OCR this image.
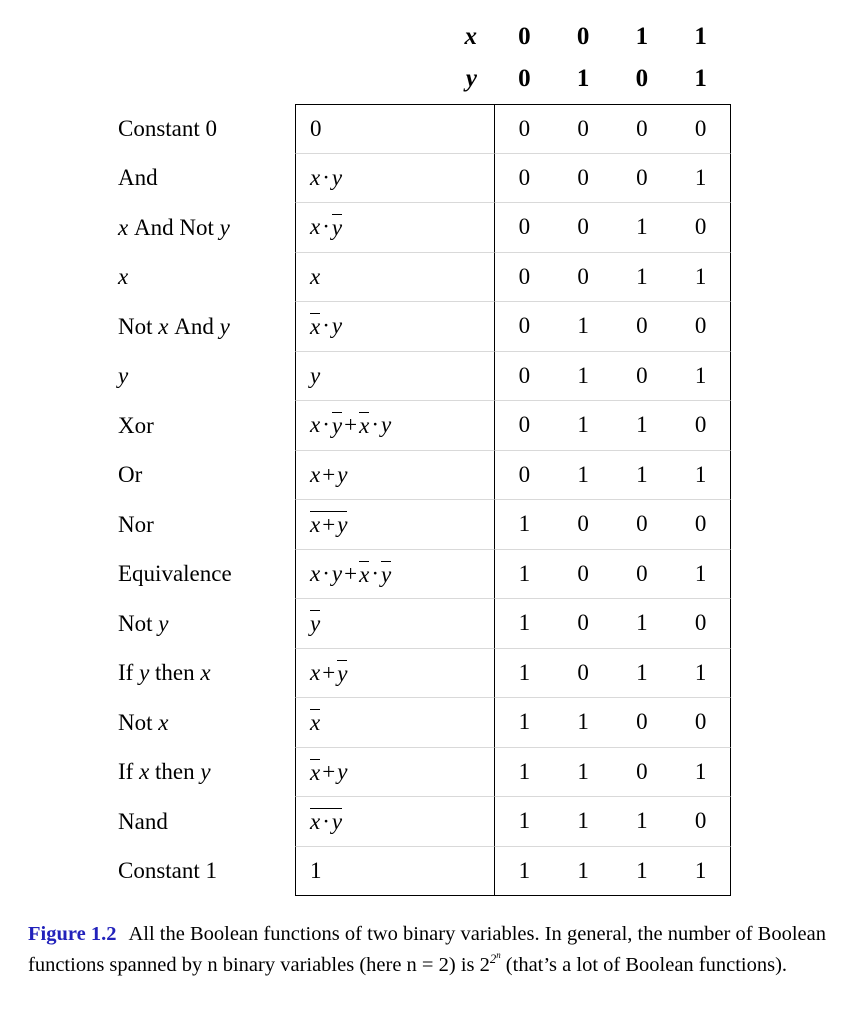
x	0	0	1	1
y	0	1	0	1
Constant 0	0	0	0	0	0
And	x · y	0	0	0	1
x And Not y	x · y	0	0	1	0
x	x	0	0	1	1
Not x And y	x · y	0	1	0	0
y	y	0	1	0	1
Xor	x · y + x · y	0	1	1	0
Or	x + y	0	1	1	1
Nor	x+y	1	0	0	0
Equivalence	x · y + x · y	1	0	0	1
Not y	y	1	0	1	0
If y then x	x + y	1	0	1	1
Not x	x	1	1	0	0
If x then y	x + y	1	1	0	1
Nand	x·y	1	1	1	0
Constant 1	1	1	1	1	1
Figure 1.2 All the Boolean functions of two binary variables. In general, the number of Boolean functions spanned by n binary variables (here n = 2) is $2^{2^n}$ (that’s a lot of Boolean functions).
